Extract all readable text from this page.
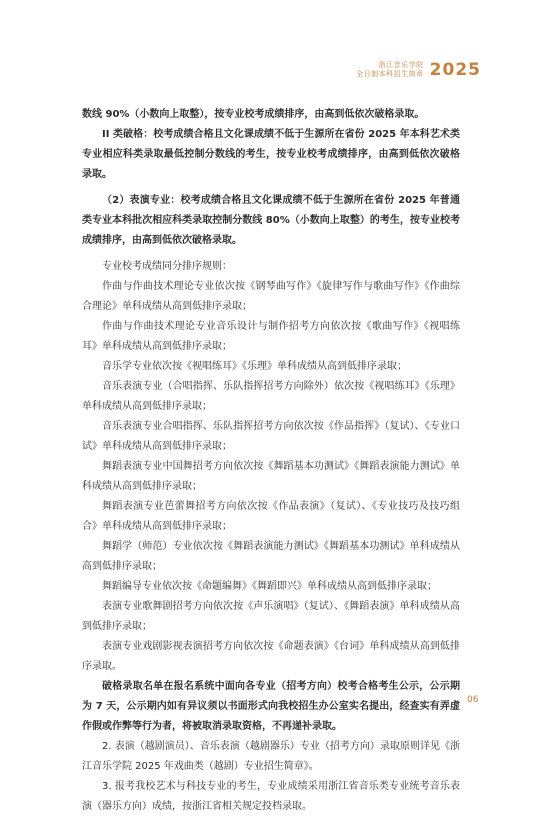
浙江音乐学院
全日制本科招生简章 2025

数线 90%（小数向上取整），按专业校考成绩排序，由高到低依次破格录取。

II 类破格：校考成绩合格且文化课成绩不低于生源所在省份 2025 年本科艺术类专业相应科类录取最低控制分数线的考生，按专业校考成绩排序，由高到低依次破格录取。

（2）表演专业：校考成绩合格且文化课成绩不低于生源所在省份 2025 年普通类专业本科批次相应科类录取控制分数线 80%（小数向上取整）的考生，按专业校考成绩排序，由高到低依次破格录取。

专业校考成绩同分排序规则：

作曲与作曲技术理论专业依次按《钢琴曲写作》《旋律写作与歌曲写作》《作曲综合理论》单科成绩从高到低排序录取；

作曲与作曲技术理论专业音乐设计与制作招考方向依次按《歌曲写作》《视唱练耳》单科成绩从高到低排序录取；

音乐学专业依次按《视唱练耳》《乐理》单科成绩从高到低排序录取；

音乐表演专业（合唱指挥、乐队指挥招考方向除外）依次按《视唱练耳》《乐理》单科成绩从高到低排序录取；

音乐表演专业合唱指挥、乐队指挥招考方向依次按《作品指挥》（复试）、《专业口试》单科成绩从高到低排序录取；

舞蹈表演专业中国舞招考方向依次按《舞蹈基本功测试》《舞蹈表演能力测试》单科成绩从高到低排序录取；

舞蹈表演专业芭蕾舞招考方向依次按《作品表演》（复试）、《专业技巧及技巧组合》单科成绩从高到低排序录取；

舞蹈学（师范）专业依次按《舞蹈表演能力测试》《舞蹈基本功测试》单科成绩从高到低排序录取；

舞蹈编导专业依次按《命题编舞》《舞蹈即兴》单科成绩从高到低排序录取；

表演专业歌舞剧招考方向依次按《声乐演唱》（复试）、《舞蹈表演》单科成绩从高到低排序录取；

表演专业戏剧影视表演招考方向依次按《命题表演》《台词》单科成绩从高到低排序录取。

破格录取名单在报名系统中面向各专业（招考方向）校考合格考生公示，公示期为 7 天，公示期内如有异议须以书面形式向我校招生办公室实名提出，经查实有弄虚作假或作弊等行为者，将被取消录取资格，不再递补录取。

2. 表演（越剧演员）、音乐表演（越剧器乐）专业（招考方向）录取原则详见《浙江音乐学院 2025 年戏曲类（越剧）专业招生简章》。

3. 报考我校艺术与科技专业的考生，专业成绩采用浙江省音乐类专业统考音乐表演（器乐方向）成绩，按浙江省相关规定投档录取。

06
